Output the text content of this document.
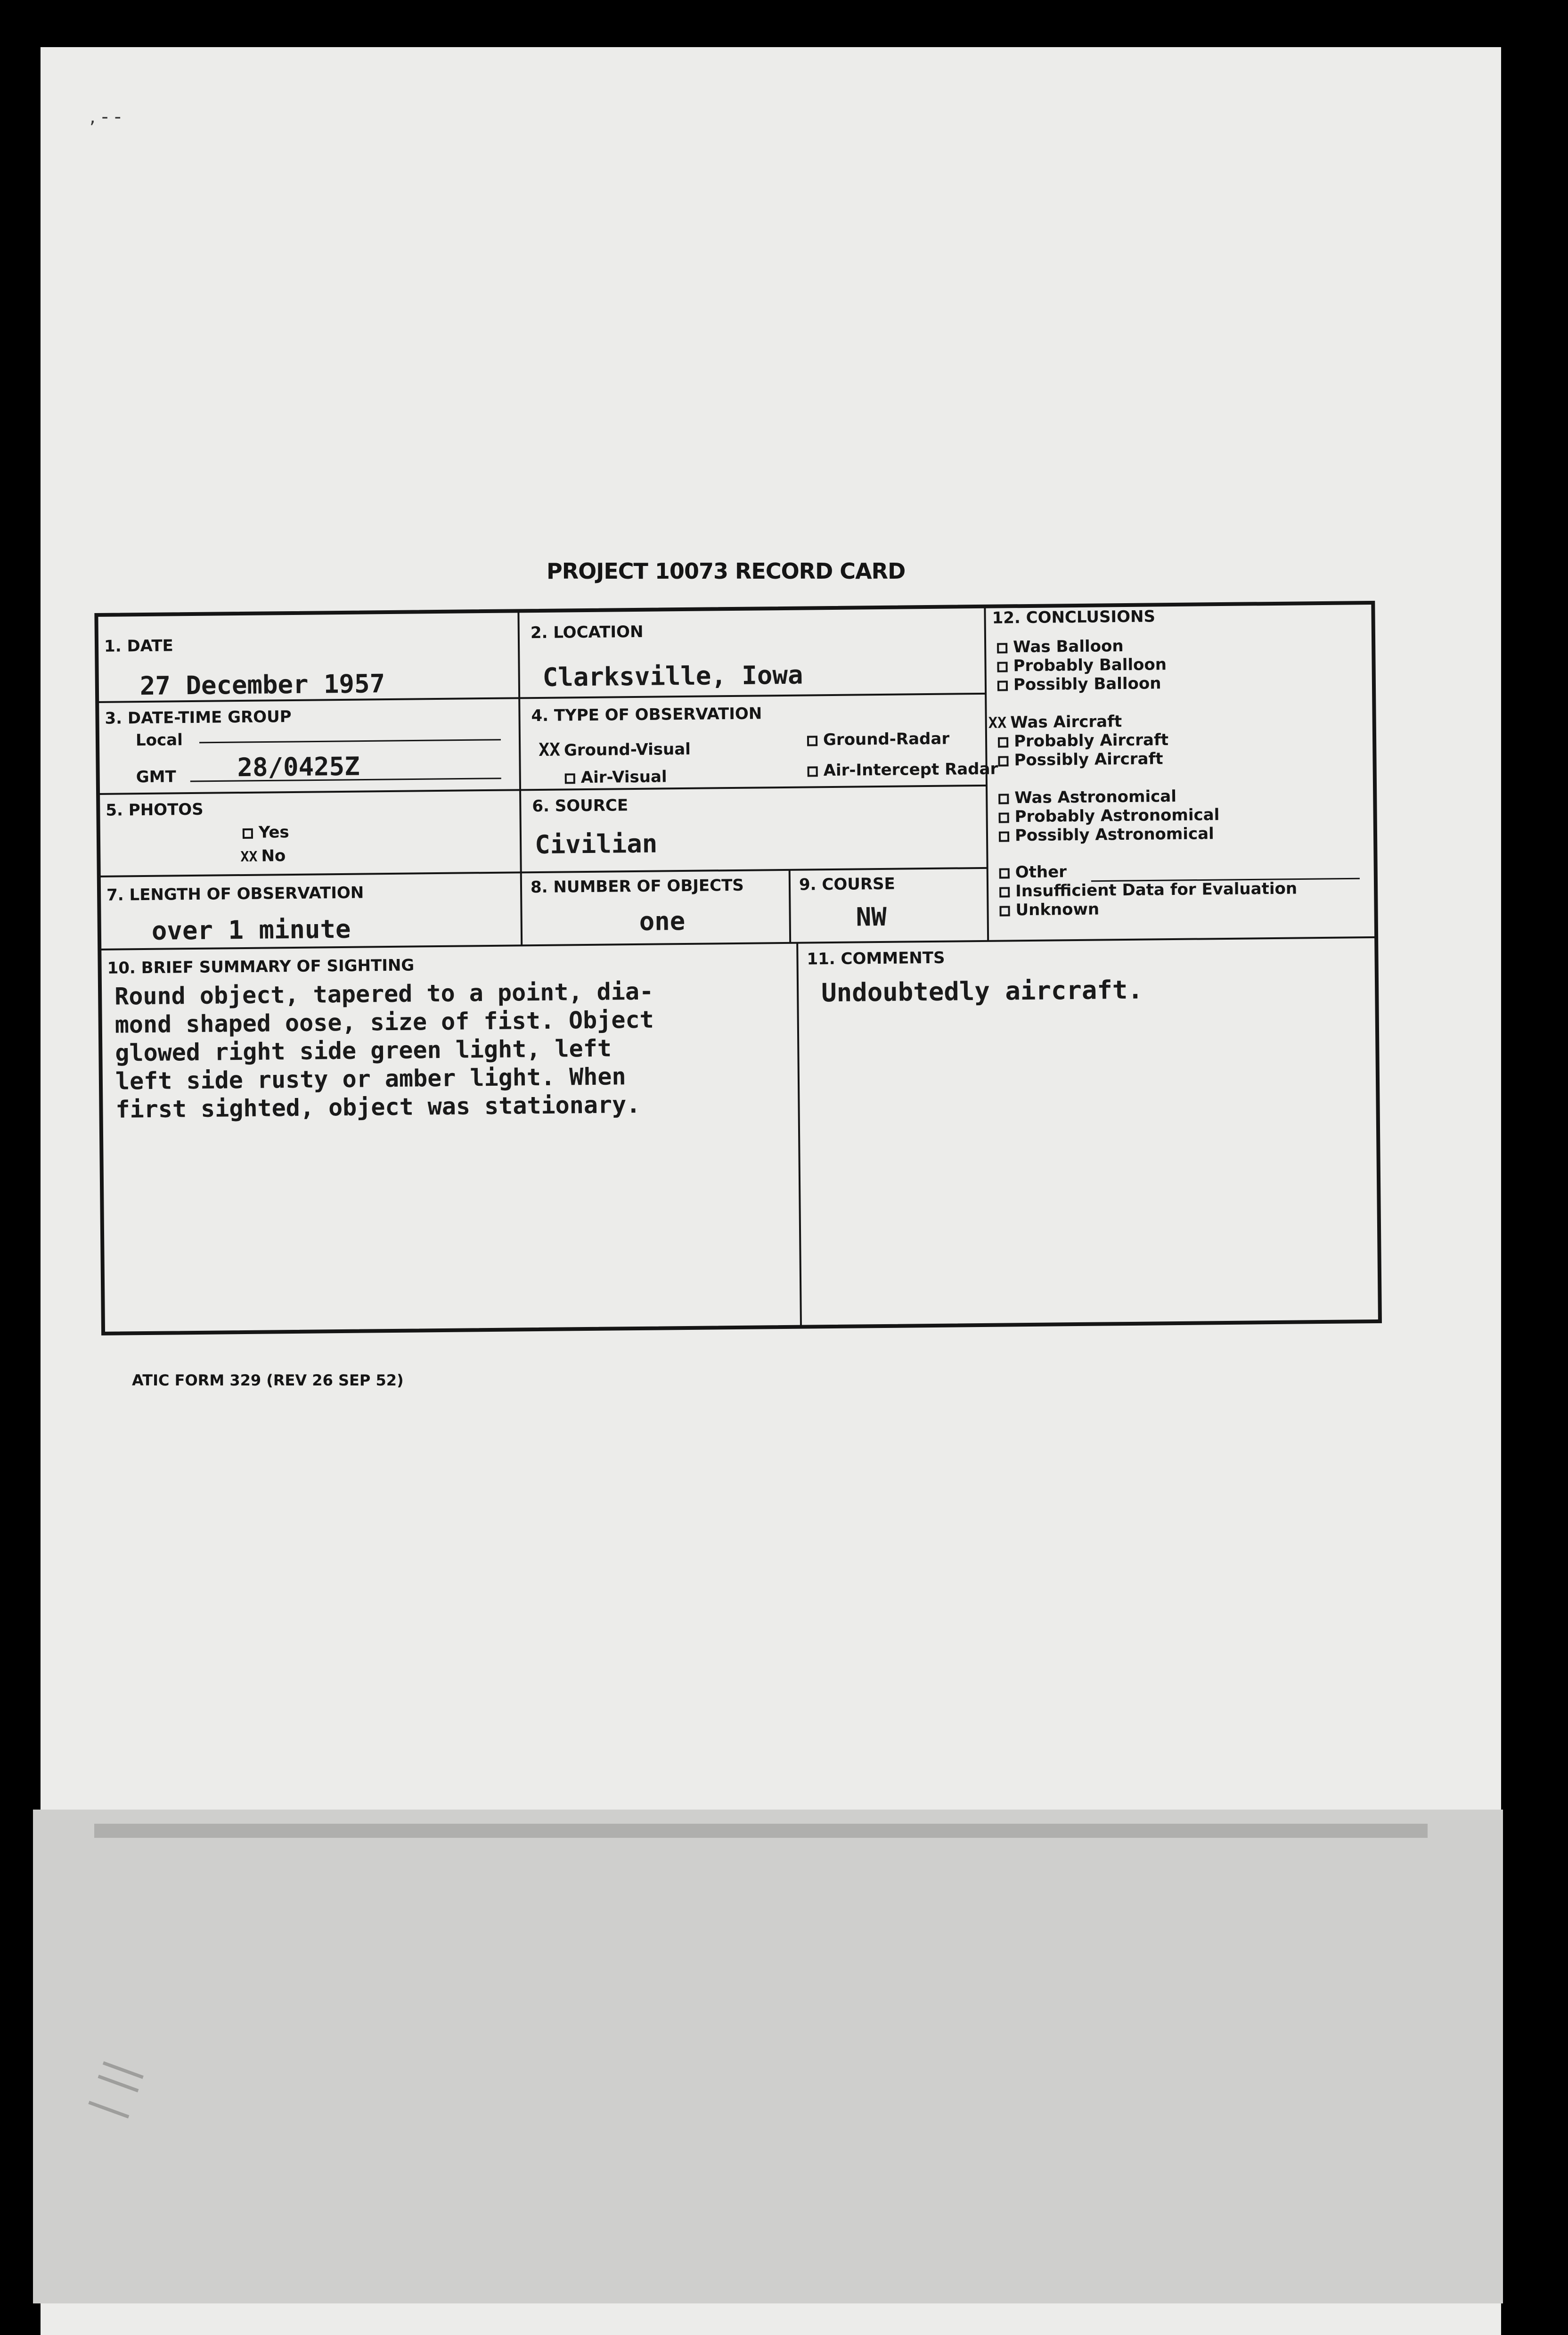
, - -
PROJECT 10073 RECORD CARD
1. DATE
27 December 1957
2. LOCATION
Clarksville, Iowa
3. DATE-TIME GROUP
Local
GMT 28/0425Z
4. TYPE OF OBSERVATION
XX Ground-Visual
Ground-Radar
Air-Visual	Air-Intercept Radar
5. PHOTOS
Yes
XX No
6. SOURCE
Civilian
7. LENGTH OF OBSERVATION
over 1 minute
8. NUMBER OF OBJECTS
one
9. COURSE
NW
10. BRIEF SUMMARY OF SIGHTING
Round object, tapered to a point, dia-
mond shaped oose, size of fist. Object
glowed right side green light, left
left side rusty or amber light. When
first sighted, object was stationary.
11. COMMENTS
Undoubtedly aircraft.
12. CONCLUSIONS
Was Balloon
Probably Balloon
Possibly Balloon
XX Was Aircraft
Probably Aircraft
Possibly Aircraft
Was Astronomical
Probably Astronomical
Possibly Astronomical
Other
Insufficient Data for Evaluation
Unknown
ATIC FORM 329 (REV 26 SEP 52)
| ||
